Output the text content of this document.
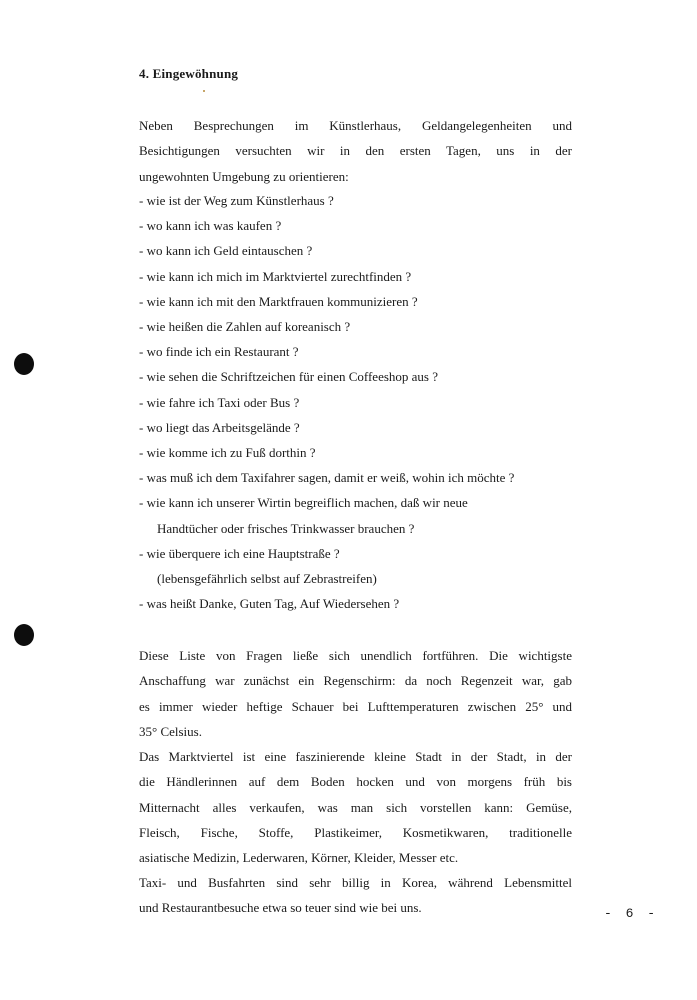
4. Eingewöhnung
Neben Besprechungen im Künstlerhaus, Geldangelegenheiten und
Besichtigungen versuchten wir in den ersten Tagen, uns in der
ungewohnten Umgebung zu orientieren:
- wie ist der Weg zum Künstlerhaus ?
- wo kann ich was kaufen ?
- wo kann ich Geld eintauschen ?
- wie kann ich mich im Marktviertel zurechtfinden ?
- wie kann ich mit den Marktfrauen kommunizieren ?
- wie heißen die Zahlen auf koreanisch ?
- wo finde ich ein Restaurant ?
- wie sehen die Schriftzeichen für einen Coffeeshop aus ?
- wie fahre ich Taxi oder Bus ?
- wo liegt das Arbeitsgelände ?
- wie komme ich zu Fuß dorthin ?
- was muß ich dem Taxifahrer sagen, damit er weiß, wohin ich möchte ?
- wie kann ich unserer Wirtin begreiflich machen, daß wir neue
Handtücher oder frisches Trinkwasser brauchen ?
- wie überquere ich eine Hauptstraße ?
(lebensgefährlich selbst auf Zebrastreifen)
- was heißt Danke, Guten Tag, Auf Wiedersehen ?
Diese Liste von Fragen ließe sich unendlich fortführen. Die wichtigste
Anschaffung war zunächst ein Regenschirm: da noch Regenzeit war, gab
es immer wieder heftige Schauer bei Lufttemperaturen zwischen 25° und
35° Celsius.
Das Marktviertel ist eine faszinierende kleine Stadt in der Stadt, in der
die Händlerinnen auf dem Boden hocken und von morgens früh bis
Mitternacht alles verkaufen, was man sich vorstellen kann: Gemüse,
Fleisch, Fische, Stoffe, Plastikeimer, Kosmetikwaren, traditionelle
asiatische Medizin, Lederwaren, Körner, Kleider, Messer etc.
Taxi- und Busfahrten sind sehr billig in Korea, während Lebensmittel
und Restaurantbesuche etwa so teuer sind wie bei uns.	- 6 -
